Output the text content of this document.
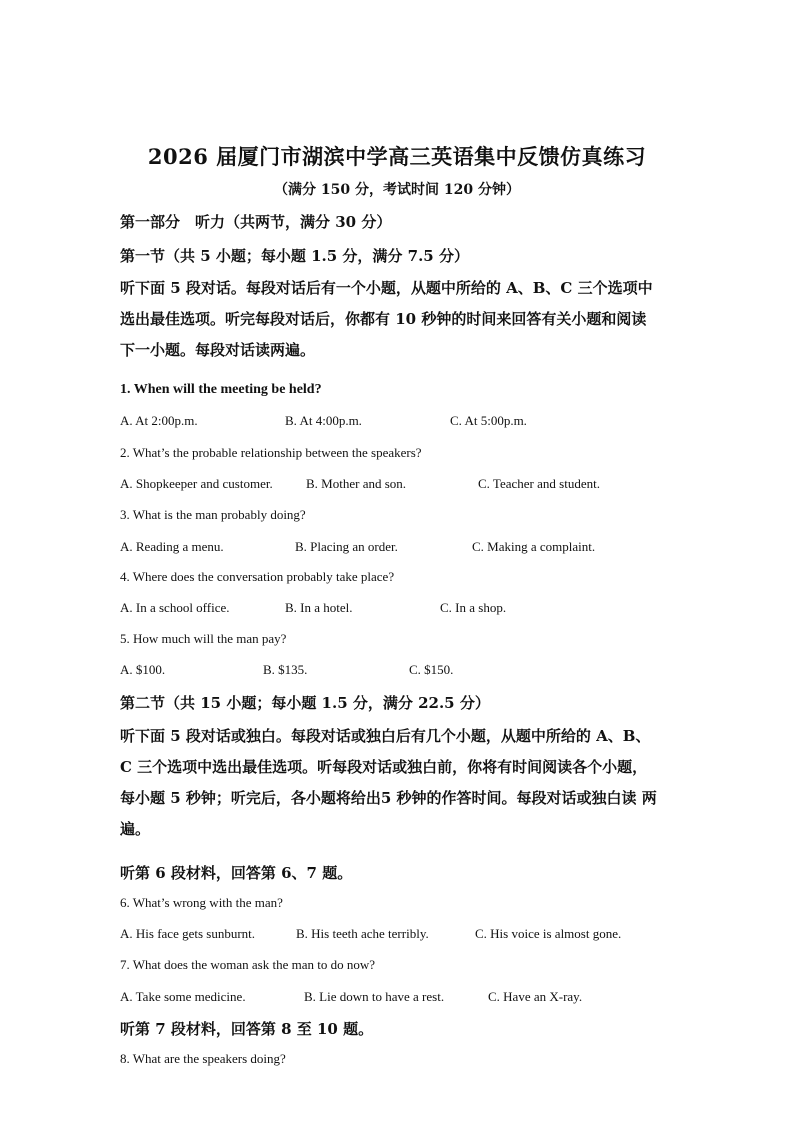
2026 届厦门市湖滨中学高三英语集中反馈仿真练习
（满分 150 分，考试时间 120 分钟）
第一部分　听力（共两节，满分 30 分）
第一节（共 5 小题；每小题 1.5 分，满分 7.5 分）
听下面 5 段对话。每段对话后有一个小题，从题中所给的 A、B、C 三个选项中
选出最佳选项。听完每段对话后，你都有 10 秒钟的时间来回答有关小题和阅读
下一小题。每段对话读两遍。
1. When will the meeting be held?
A. At 2:00p.m.	B. At 4:00p.m.	C. At 5:00p.m.
2. What’s the probable relationship between the speakers?
A. Shopkeeper and customer.	B. Mother and son.	C. Teacher and student.
3. What is the man probably doing?
A. Reading a menu.	B. Placing an order.	C. Making a complaint.
4. Where does the conversation probably take place?
A. In a school office.	B. In a hotel.	C. In a shop.
5. How much will the man pay?
A. $100.	B. $135.	C. $150.
第二节（共 15 小题；每小题 1.5 分，满分 22.5 分）
听下面 5 段对话或独白。每段对话或独白后有几个小题，从题中所给的 A、B、
C 三个选项中选出最佳选项。听每段对话或独白前，你将有时间阅读各个小题，
每小题 5 秒钟；听完后，各小题将给出5 秒钟的作答时间。每段对话或独白读 两
遍。
听第 6 段材料，回答第 6、7 题。
6. What’s wrong with the man?
A. His face gets sunburnt.	B. His teeth ache terribly.	C. His voice is almost gone.
7. What does the woman ask the man to do now?
A. Take some medicine.	B. Lie down to have a rest.	C. Have an X-ray.
听第 7 段材料，回答第 8 至 10 题。
8. What are the speakers doing?
